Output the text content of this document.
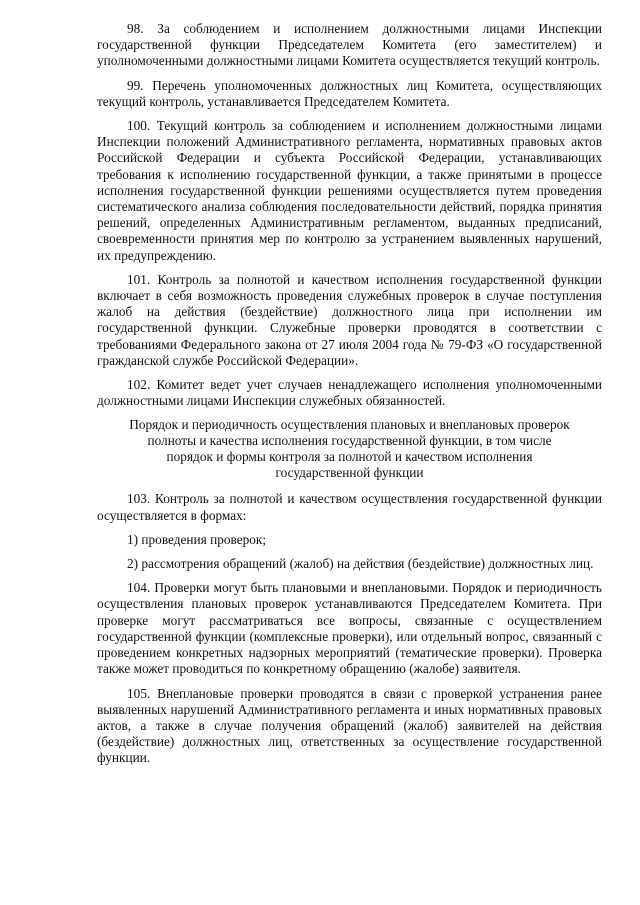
98. За соблюдением и исполнением должностными лицами Инспекции государственной функции Председателем Комитета (его заместителем) и уполномоченными должностными лицами Комитета осуществляется текущий контроль.

99. Перечень уполномоченных должностных лиц Комитета, осуществляющих текущий контроль, устанавливается Председателем Комитета.

100. Текущий контроль за соблюдением и исполнением должностными лицами Инспекции положений Административного регламента, нормативных правовых актов Российской Федерации и субъекта Российской Федерации, устанавливающих требования к исполнению государственной функции, а также принятыми в процессе исполнения государственной функции решениями осуществляется путем проведения систематического анализа соблюдения последовательности действий, порядка принятия решений, определенных Административным регламентом, выданных предписаний, своевременности принятия мер по контролю за устранением выявленных нарушений, их предупреждению.

101. Контроль за полнотой и качеством исполнения государственной функции включает в себя возможность проведения служебных проверок в случае поступления жалоб на действия (бездействие) должностного лица при исполнении им государственной функции. Служебные проверки проводятся в соответствии с требованиями Федерального закона от 27 июля 2004 года № 79-ФЗ «О государственной гражданской службе Российской Федерации».

102. Комитет ведет учет случаев ненадлежащего исполнения уполномоченными должностными лицами Инспекции служебных обязанностей.

Порядок и периодичность осуществления плановых и внеплановых проверок полноты и качества исполнения государственной функции, в том числе порядок и формы контроля за полнотой и качеством исполнения государственной функции

103. Контроль за полнотой и качеством осуществления государственной функции осуществляется в формах:

1) проведения проверок;

2) рассмотрения обращений (жалоб) на действия (бездействие) должностных лиц.

104. Проверки могут быть плановыми и внеплановыми. Порядок и периодичность осуществления плановых проверок устанавливаются Председателем Комитета. При проверке могут рассматриваться все вопросы, связанные с осуществлением государственной функции (комплексные проверки), или отдельный вопрос, связанный с проведением конкретных надзорных мероприятий (тематические проверки). Проверка также может проводиться по конкретному обращению (жалобе) заявителя.

105. Внеплановые проверки проводятся в связи с проверкой устранения ранее выявленных нарушений Административного регламента и иных нормативных правовых актов, а также в случае получения обращений (жалоб) заявителей на действия (бездействие) должностных лиц, ответственных за осуществление государственной функции.
